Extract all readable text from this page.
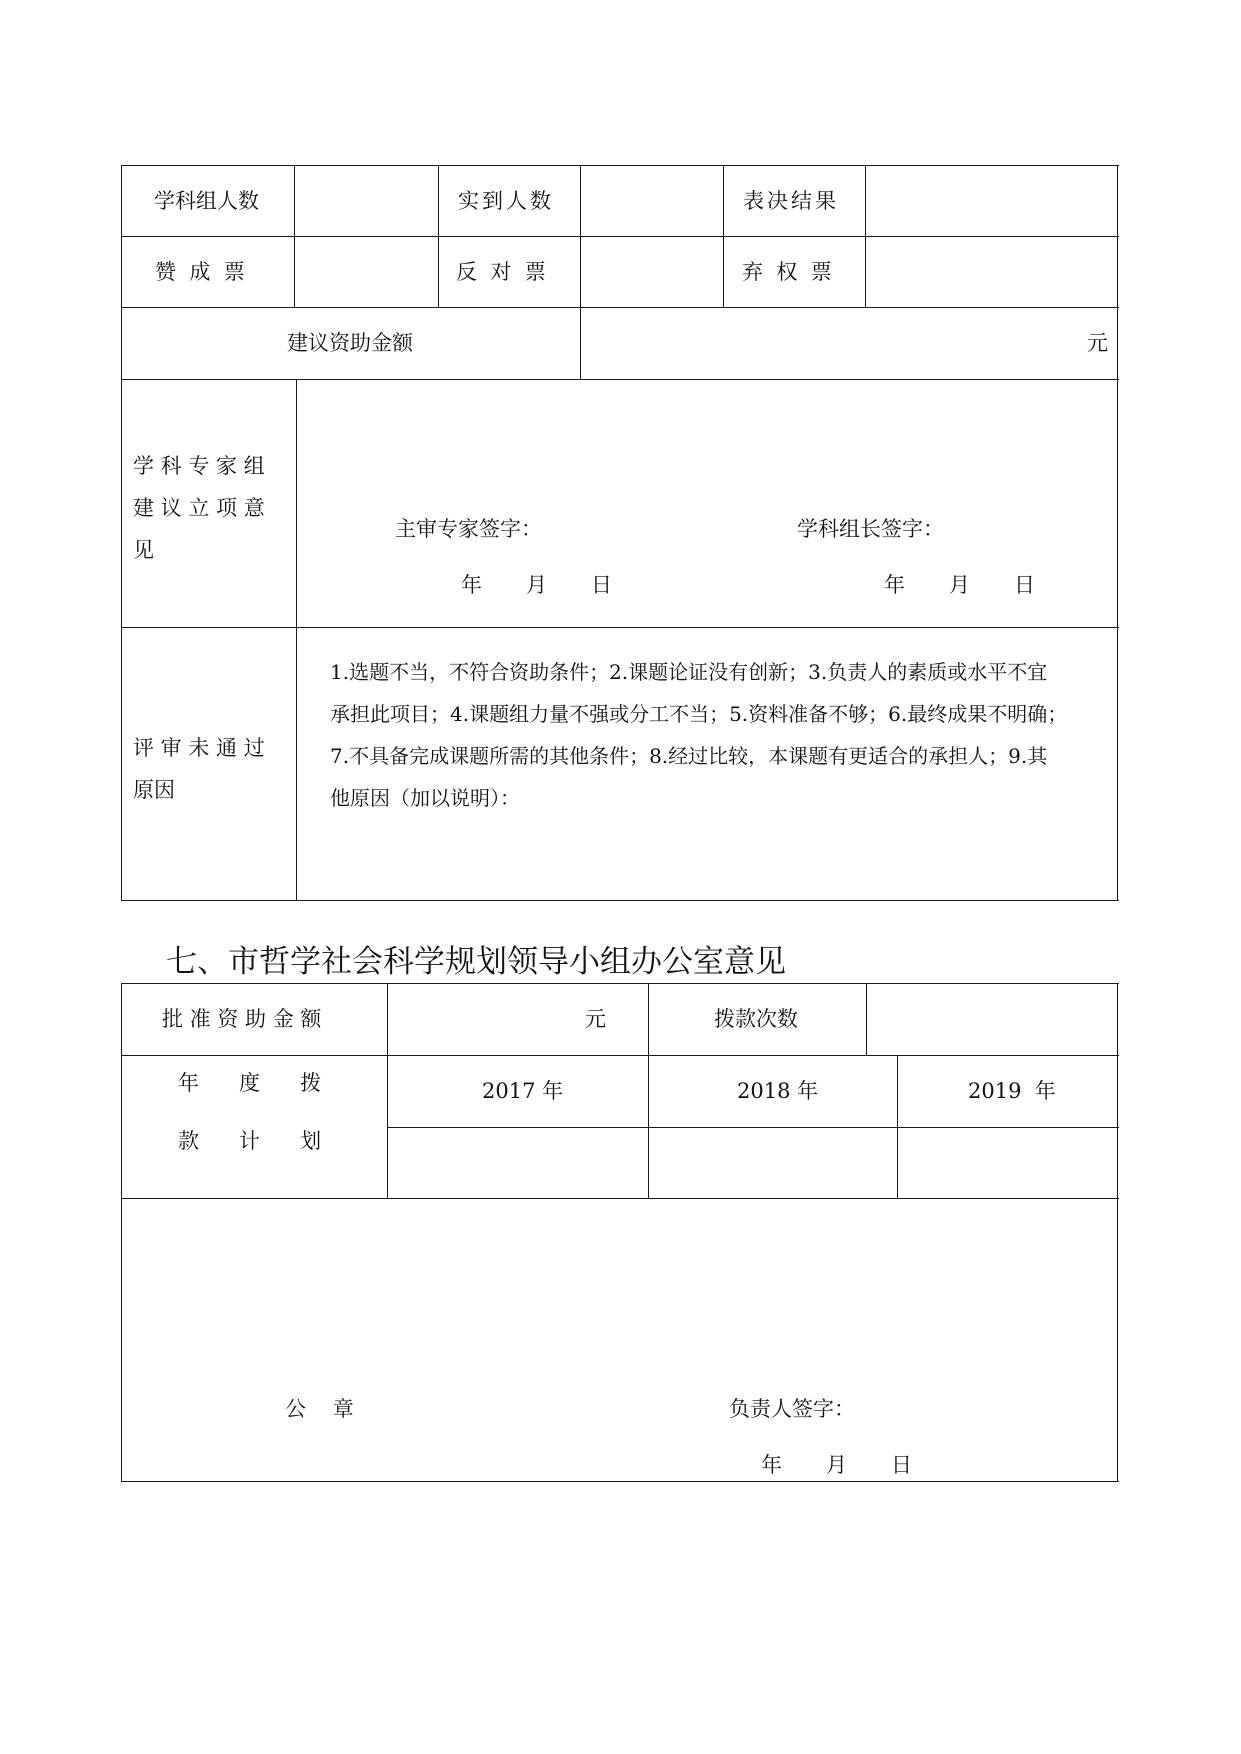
学科组人数	实到人数	表决结果
赞  成  票	反  对  票	弃  权  票
建议资助金额	元
学 科 专 家 组
建 议 立 项 意
见
主审专家签字：	学科组长签字：
年 月 日	年 月 日
评 审 未 通 过
原因
1.选题不当，不符合资助条件；2.课题论证没有创新；3.负责人的素质或水平不宜
承担此项目；4.课题组力量不强或分工不当；5.资料准备不够；6.最终成果不明确；
7.不具备完成课题所需的其他条件；8.经过比较，本课题有更适合的承担人；9.其
他原因（加以说明）：
七、市哲学社会科学规划领导小组办公室意见
批 准 资 助 金 额	元	拨款次数
年      度      拨
款      计      划
2017 年	2018 年	2019  年
公    章	负责人签字：
年 月 日
